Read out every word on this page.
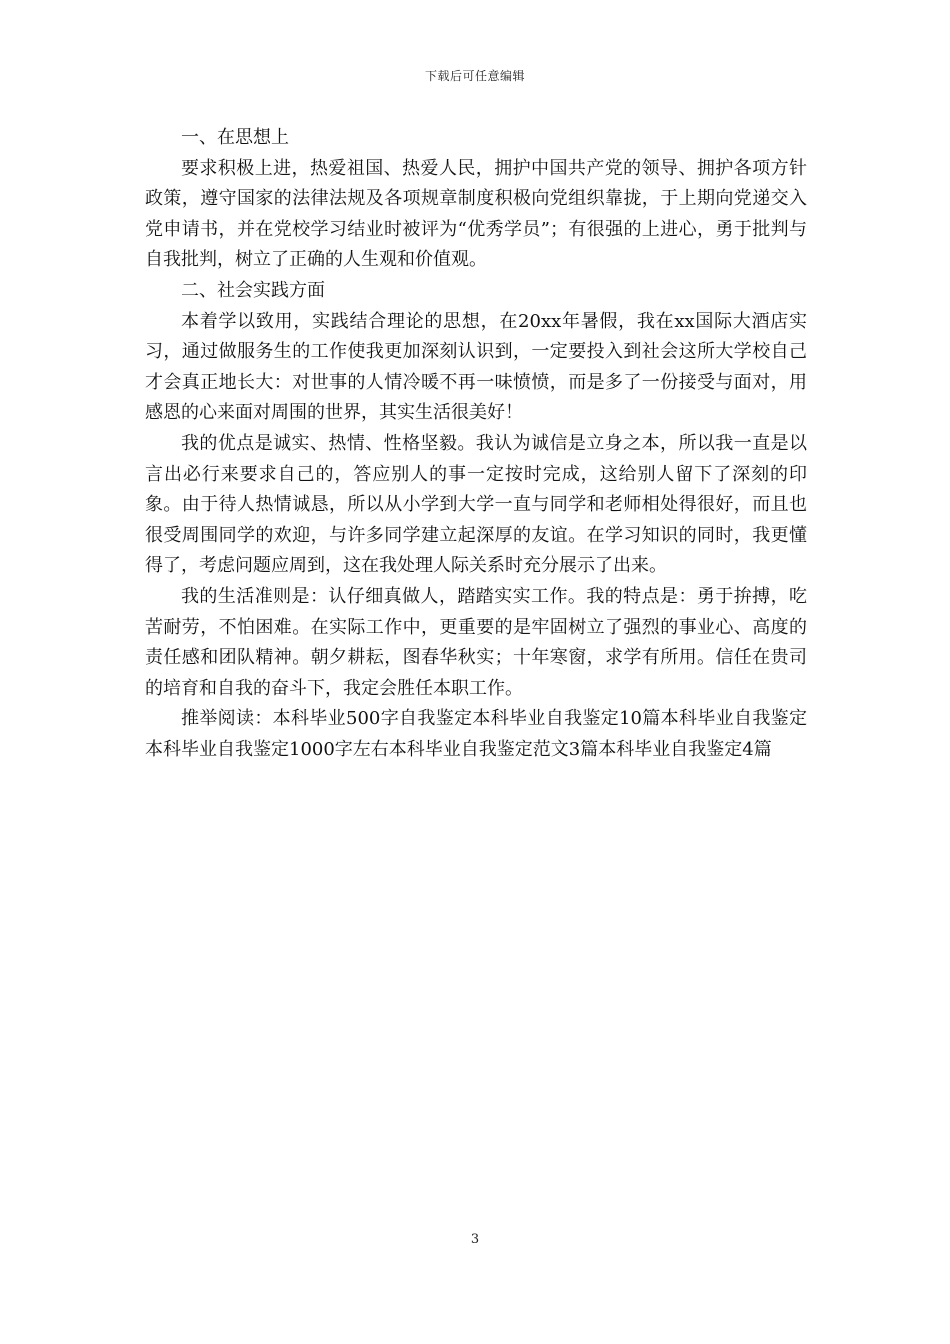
下载后可任意编辑

一、在思想上

要求积极上进，热爱祖国、热爱人民，拥护中国共产党的领导、拥护各项方针政策，遵守国家的法律法规及各项规章制度积极向党组织靠拢，于上期向党递交入党申请书，并在党校学习结业时被评为“优秀学员”；有很强的上进心，勇于批判与自我批判，树立了正确的人生观和价值观。

二、社会实践方面

本着学以致用，实践结合理论的思想，在20xx年暑假，我在xx国际大酒店实习，通过做服务生的工作使我更加深刻认识到，一定要投入到社会这所大学校自己才会真正地长大：对世事的人情冷暖不再一味愤愤，而是多了一份接受与面对，用感恩的心来面对周围的世界，其实生活很美好！

我的优点是诚实、热情、性格坚毅。我认为诚信是立身之本，所以我一直是以言出必行来要求自己的，答应别人的事一定按时完成，这给别人留下了深刻的印象。由于待人热情诚恳，所以从小学到大学一直与同学和老师相处得很好，而且也很受周围同学的欢迎，与许多同学建立起深厚的友谊。在学习知识的同时，我更懂得了，考虑问题应周到，这在我处理人际关系时充分展示了出来。

我的生活准则是：认仔细真做人，踏踏实实工作。我的特点是：勇于拚搏，吃苦耐劳，不怕困难。在实际工作中，更重要的是牢固树立了强烈的事业心、高度的责任感和团队精神。朝夕耕耘，图春华秋实；十年寒窗，求学有所用。信任在贵司的培育和自我的奋斗下，我定会胜任本职工作。

推举阅读：本科毕业500字自我鉴定本科毕业自我鉴定10篇本科毕业自我鉴定本科毕业自我鉴定1000字左右本科毕业自我鉴定范文3篇本科毕业自我鉴定4篇

3
